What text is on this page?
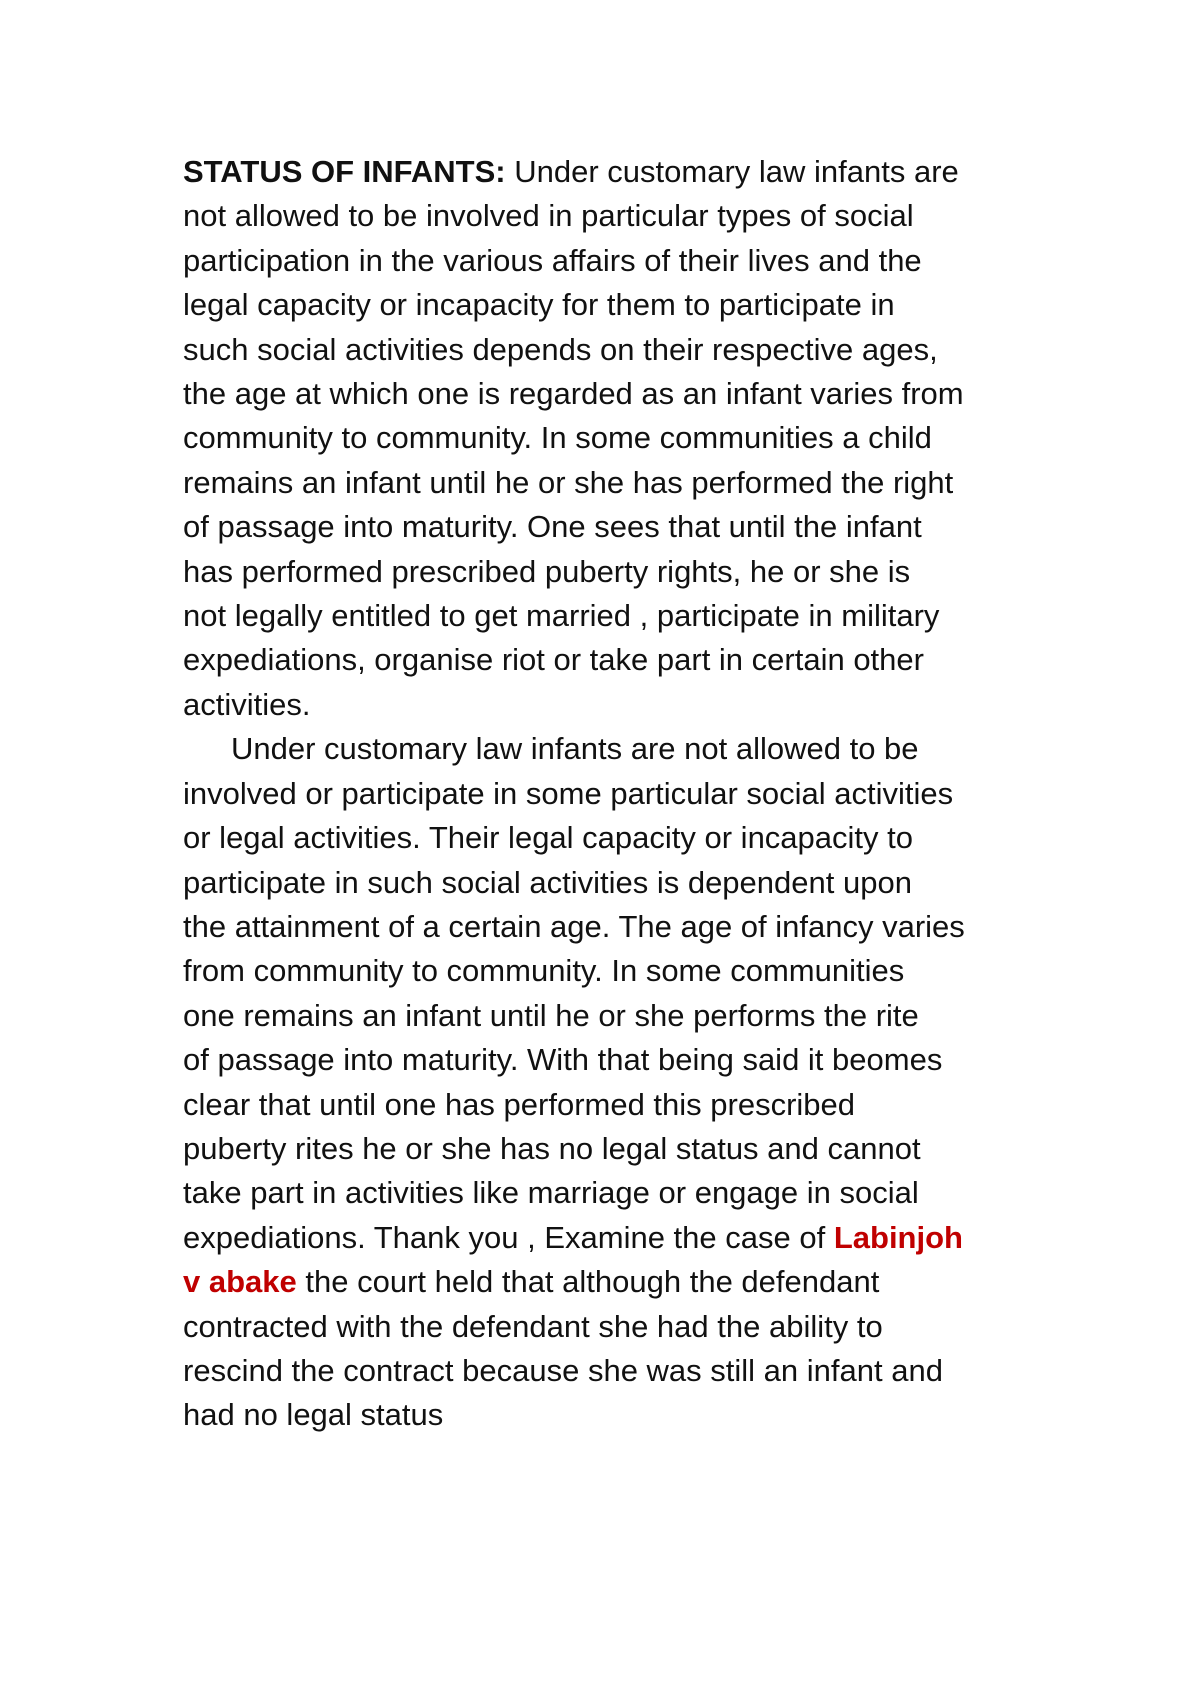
STATUS OF INFANTS: Under customary law infants are
not allowed to be involved in particular types of social
participation in the various affairs of their lives and the
legal capacity or incapacity for them to participate in
such social activities depends on their respective ages,
the age at which one is regarded as an infant varies from
community to community. In some communities a child
remains an infant until he or she has performed the right
of passage into maturity. One sees that until the infant
has performed prescribed puberty rights, he or she is
not legally entitled to get married , participate in military
expediations, organise riot or take part in certain other
activities.
Under customary law infants are not allowed to be
involved or participate in some particular social activities
or legal activities. Their legal capacity or incapacity to
participate in such social activities is dependent upon
the attainment of a certain age. The age of infancy varies
from community to community. In some communities
one remains an infant until he or she performs the rite
of passage into maturity. With that being said it beomes
clear that until one has performed this prescribed
puberty rites he or she has no legal status and cannot
take part in activities like marriage or engage in social
expediations. Thank you , Examine the case of Labinjoh
v abake the court held that although the defendant
contracted with the defendant she had the ability to
rescind the contract because she was still an infant and
had no legal status
